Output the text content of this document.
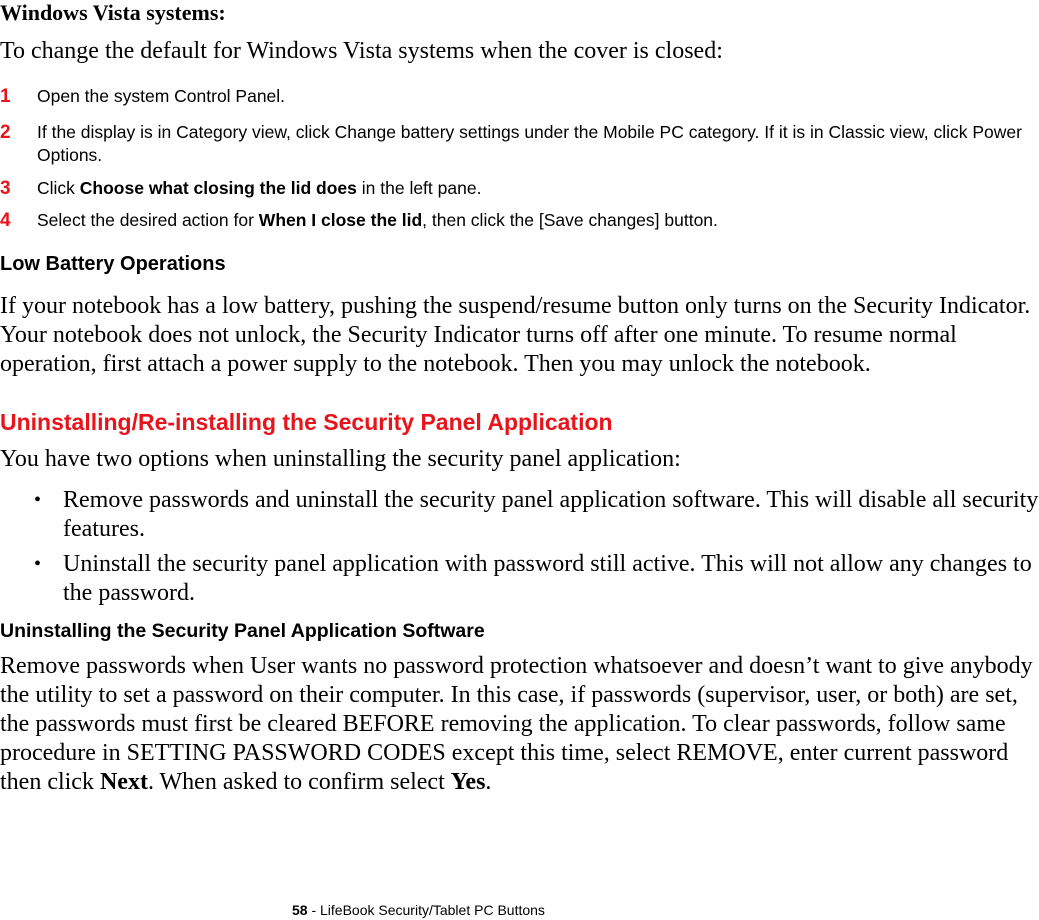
Windows Vista systems:
To change the default for Windows Vista systems when the cover is closed:
1 Open the system Control Panel.
2 If the display is in Category view, click Change battery settings under the Mobile PC category. If it is in Classic view, click Power Options.
3 Click Choose what closing the lid does in the left pane.
4 Select the desired action for When I close the lid, then click the [Save changes] button.
Low Battery Operations
If your notebook has a low battery, pushing the suspend/resume button only turns on the Security Indicator. Your notebook does not unlock, the Security Indicator turns off after one minute. To resume normal operation, first attach a power supply to the notebook. Then you may unlock the notebook.
Uninstalling/Re-installing the Security Panel Application
You have two options when uninstalling the security panel application:
• Remove passwords and uninstall the security panel application software. This will disable all security features.
• Uninstall the security panel application with password still active. This will not allow any changes to the password.
Uninstalling the Security Panel Application Software
Remove passwords when User wants no password protection whatsoever and doesn’t want to give anybody the utility to set a password on their computer. In this case, if passwords (supervisor, user, or both) are set, the passwords must first be cleared BEFORE removing the application. To clear passwords, follow same procedure in SETTING PASSWORD CODES except this time, select REMOVE, enter current password then click Next. When asked to confirm select Yes.
58 - LifeBook Security/Tablet PC Buttons
